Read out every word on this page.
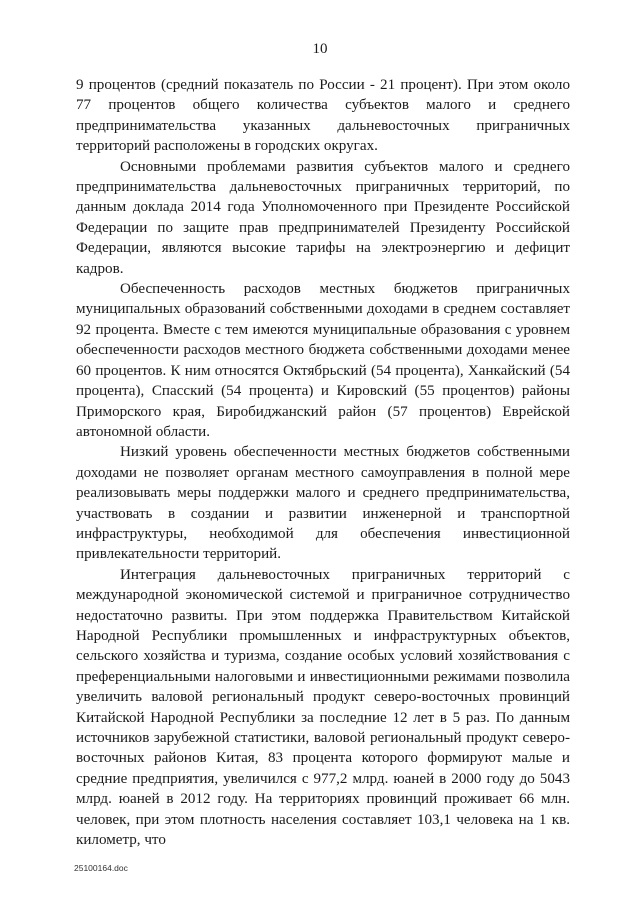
10

9 процентов (средний показатель по России - 21 процент). При этом около 77 процентов общего количества субъектов малого и среднего предпринимательства указанных дальневосточных приграничных территорий расположены в городских округах.

Основными проблемами развития субъектов малого и среднего предпринимательства дальневосточных приграничных территорий, по данным доклада 2014 года Уполномоченного при Президенте Российской Федерации по защите прав предпринимателей Президенту Российской Федерации, являются высокие тарифы на электроэнергию и дефицит кадров.

Обеспеченность расходов местных бюджетов приграничных муниципальных образований собственными доходами в среднем составляет 92 процента. Вместе с тем имеются муниципальные образования с уровнем обеспеченности расходов местного бюджета собственными доходами менее 60 процентов. К ним относятся Октябрьский (54 процента), Ханкайский (54 процента), Спасский (54 процента) и Кировский (55 процентов) районы Приморского края, Биробиджанский район (57 процентов) Еврейской автономной области.

Низкий уровень обеспеченности местных бюджетов собственными доходами не позволяет органам местного самоуправления в полной мере реализовывать меры поддержки малого и среднего предпринимательства, участвовать в создании и развитии инженерной и транспортной инфраструктуры, необходимой для обеспечения инвестиционной привлекательности территорий.

Интеграция дальневосточных приграничных территорий с международной экономической системой и приграничное сотрудничество недостаточно развиты. При этом поддержка Правительством Китайской Народной Республики промышленных и инфраструктурных объектов, сельского хозяйства и туризма, создание особых условий хозяйствования с преференциальными налоговыми и инвестиционными режимами позволила увеличить валовой региональный продукт северо-восточных провинций Китайской Народной Республики за последние 12 лет в 5 раз. По данным источников зарубежной статистики, валовой региональный продукт северо-восточных районов Китая, 83 процента которого формируют малые и средние предприятия, увеличился с 977,2 млрд. юаней в 2000 году до 5043 млрд. юаней в 2012 году. На территориях провинций проживает 66 млн. человек, при этом плотность населения составляет 103,1 человека на 1 кв. километр, что

25100164.doc
